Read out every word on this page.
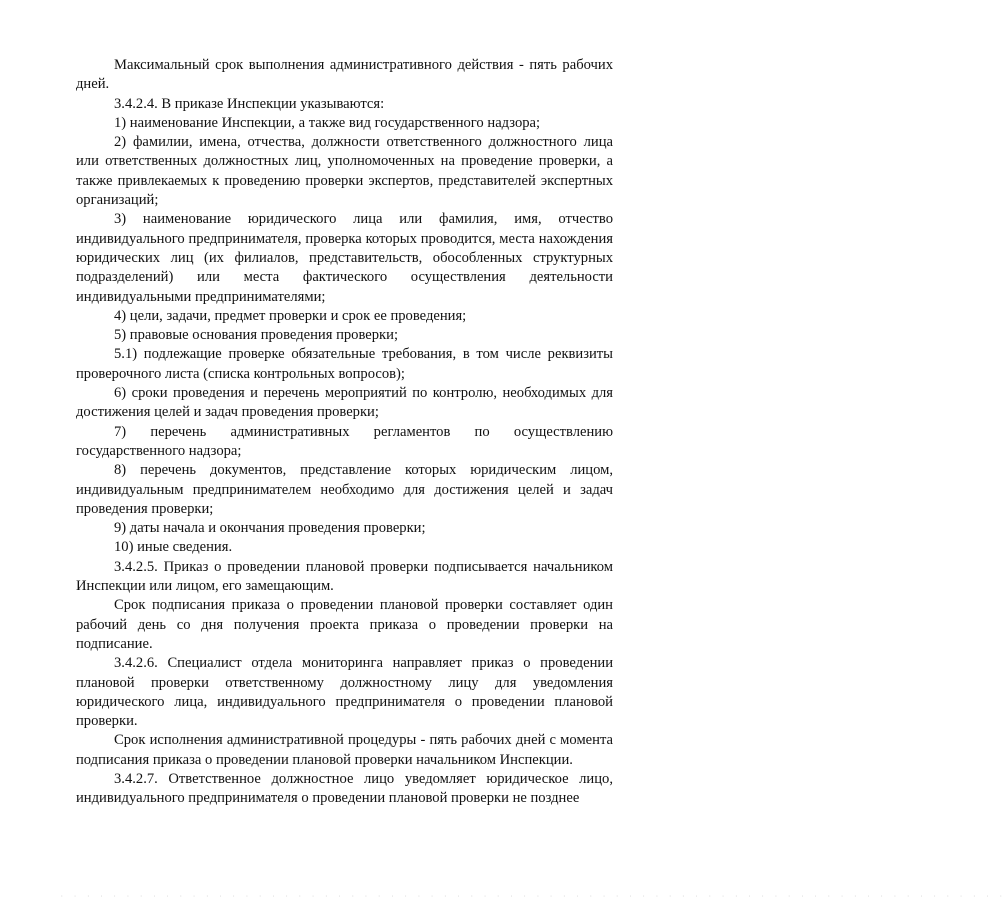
Максимальный срок выполнения административного действия - пять рабочих дней.

3.4.2.4. В приказе Инспекции указываются:

1) наименование Инспекции, а также вид государственного надзора;

2) фамилии, имена, отчества, должности ответственного должностного лица или ответственных должностных лиц, уполномоченных на проведение проверки, а также привлекаемых к проведению проверки экспертов, представителей экспертных организаций;

3) наименование юридического лица или фамилия, имя, отчество индивидуального предпринимателя, проверка которых проводится, места нахождения юридических лиц (их филиалов, представительств, обособленных структурных подразделений) или места фактического осуществления деятельности индивидуальными предпринимателями;

4) цели, задачи, предмет проверки и срок ее проведения;

5) правовые основания проведения проверки;

5.1) подлежащие проверке обязательные требования, в том числе реквизиты проверочного листа (списка контрольных вопросов);

6) сроки проведения и перечень мероприятий по контролю, необходимых для достижения целей и задач проведения проверки;

7) перечень административных регламентов по осуществлению государственного надзора;

8) перечень документов, представление которых юридическим лицом, индивидуальным предпринимателем необходимо для достижения целей и задач проведения проверки;

9) даты начала и окончания проведения проверки;

10) иные сведения.

3.4.2.5. Приказ о проведении плановой проверки подписывается начальником Инспекции или лицом, его замещающим.

Срок подписания приказа о проведении плановой проверки составляет один рабочий день со дня получения проекта приказа о проведении проверки на подписание.

3.4.2.6. Специалист отдела мониторинга направляет приказ о проведении плановой проверки ответственному должностному лицу для уведомления юридического лица, индивидуального предпринимателя о проведении плановой проверки.

Срок исполнения административной процедуры - пять рабочих дней с момента подписания приказа о проведении плановой проверки начальником Инспекции.

3.4.2.7. Ответственное должностное лицо уведомляет юридическое лицо, индивидуального предпринимателя о проведении плановой проверки не позднее

· · · · · · · · · · · · · · · · · · · · · · · · · · · · · · · · · · · · · · · · · · · · · · · · · · · · · · · · · · · · · · · · · · · · · · · ·
